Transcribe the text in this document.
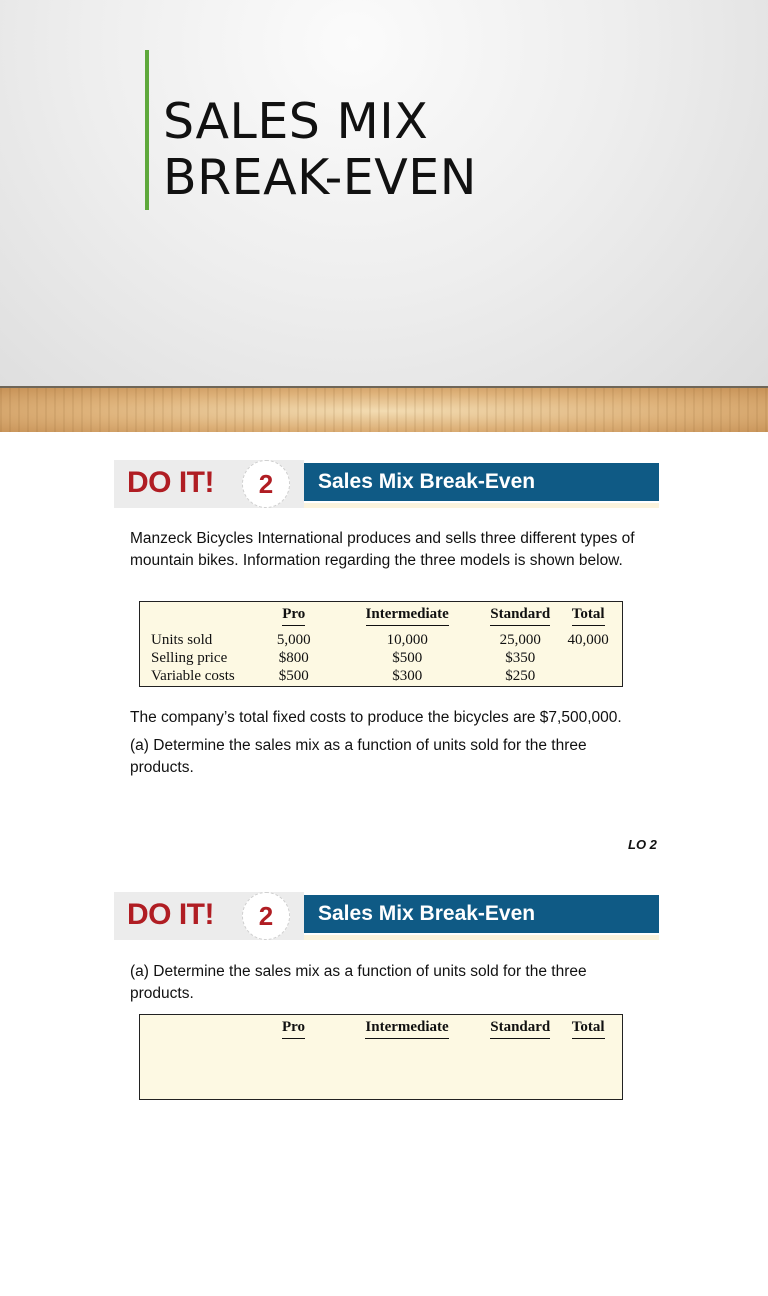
SALES MIX
BREAK-EVEN
DO IT!	2	Sales Mix Break-Even

Manzeck Bicycles International produces and sells three different types of mountain bikes. Information regarding the three models is shown below.

	Pro	Intermediate	Standard	Total
Units sold	5,000	10,000	25,000	40,000
Selling price	$800	$500	$350	
Variable costs	$500	$300	$250	

The company’s total fixed costs to produce the bicycles are $7,500,000.

(a) Determine the sales mix as a function of units sold for the three products.

LO 2
DO IT!	2	Sales Mix Break-Even

(a) Determine the sales mix as a function of units sold for the three products.

	Pro	Intermediate	Standard	Total
